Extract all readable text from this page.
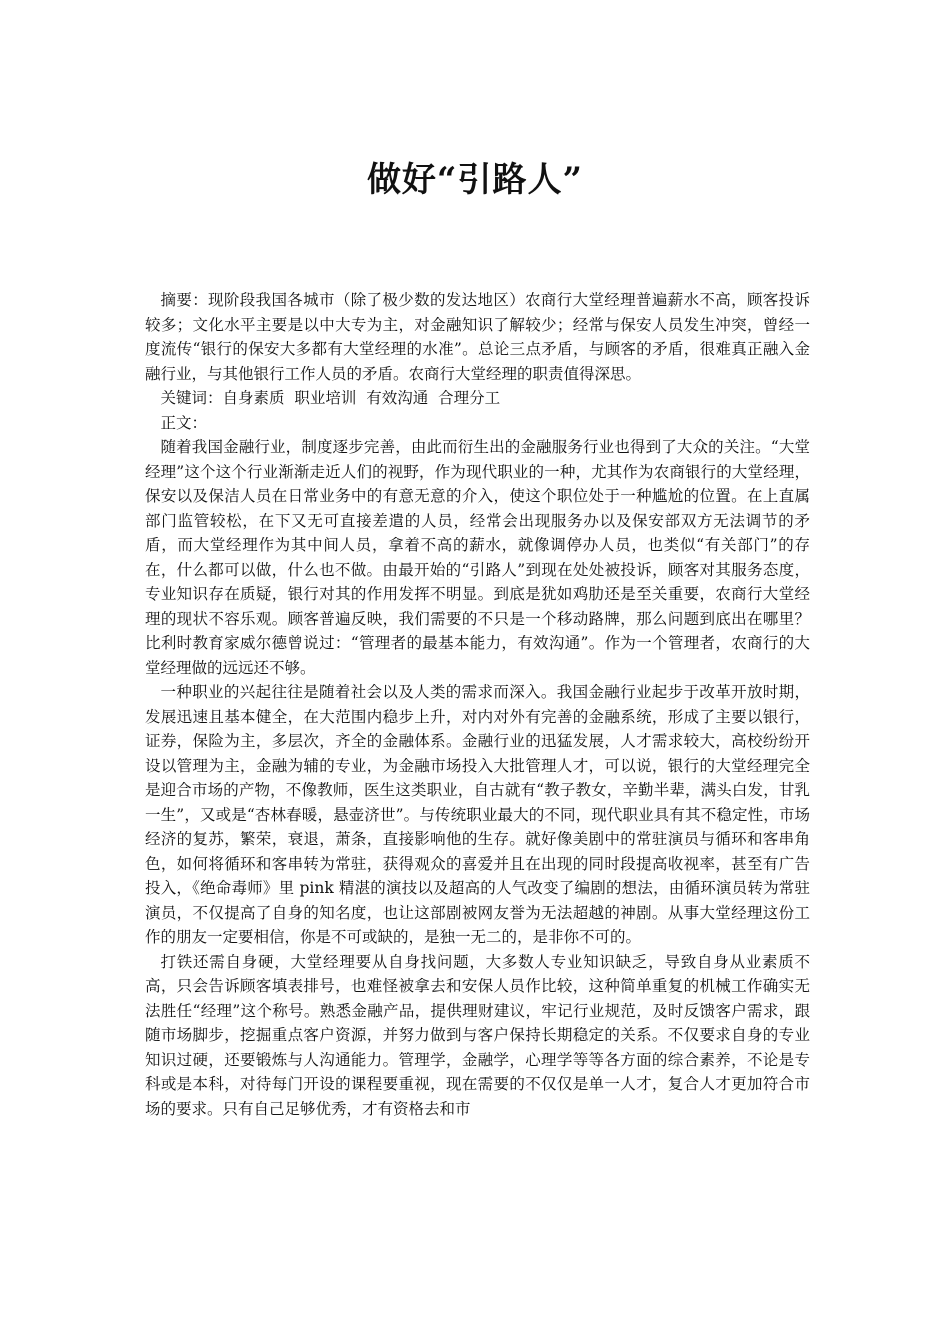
做好“引路人”

摘要：现阶段我国各城市（除了极少数的发达地区）农商行大堂经理普遍薪水不高，顾客投诉较多；文化水平主要是以中大专为主，对金融知识了解较少；经常与保安人员发生冲突，曾经一度流传“银行的保安大多都有大堂经理的水准”。总论三点矛盾，与顾客的矛盾，很难真正融入金融行业，与其他银行工作人员的矛盾。农商行大堂经理的职责值得深思。

关键词：自身素质  职业培训  有效沟通  合理分工

正文：

随着我国金融行业，制度逐步完善，由此而衍生出的金融服务行业也得到了大众的关注。“大堂经理”这个这个行业渐渐走近人们的视野，作为现代职业的一种，尤其作为农商银行的大堂经理，保安以及保洁人员在日常业务中的有意无意的介入，使这个职位处于一种尴尬的位置。在上直属部门监管较松，在下又无可直接差遣的人员，经常会出现服务办以及保安部双方无法调节的矛盾，而大堂经理作为其中间人员，拿着不高的薪水，就像调停办人员，也类似“有关部门”的存在，什么都可以做，什么也不做。由最开始的“引路人”到现在处处被投诉，顾客对其服务态度，专业知识存在质疑，银行对其的作用发挥不明显。到底是犹如鸡肋还是至关重要，农商行大堂经理的现状不容乐观。顾客普遍反映，我们需要的不只是一个移动路牌，那么问题到底出在哪里？比利时教育家威尔德曾说过：“管理者的最基本能力，有效沟通”。作为一个管理者，农商行的大堂经理做的远远还不够。

一种职业的兴起往往是随着社会以及人类的需求而深入。我国金融行业起步于改革开放时期，发展迅速且基本健全，在大范围内稳步上升，对内对外有完善的金融系统，形成了主要以银行，证券，保险为主，多层次，齐全的金融体系。金融行业的迅猛发展，人才需求较大，高校纷纷开设以管理为主，金融为辅的专业，为金融市场投入大批管理人才，可以说，银行的大堂经理完全是迎合市场的产物，不像教师，医生这类职业，自古就有“教子教女，辛勤半辈，满头白发，甘乳一生”，又或是“杏林春暖，悬壶济世”。与传统职业最大的不同，现代职业具有其不稳定性，市场经济的复苏，繁荣，衰退，萧条，直接影响他的生存。就好像美剧中的常驻演员与循环和客串角色，如何将循环和客串转为常驻，获得观众的喜爱并且在出现的同时段提高收视率，甚至有广告投入，《绝命毒师》里 pink 精湛的演技以及超高的人气改变了编剧的想法，由循环演员转为常驻演员，不仅提高了自身的知名度，也让这部剧被网友誉为无法超越的神剧。从事大堂经理这份工作的朋友一定要相信，你是不可或缺的，是独一无二的，是非你不可的。

打铁还需自身硬，大堂经理要从自身找问题，大多数人专业知识缺乏，导致自身从业素质不高，只会告诉顾客填表排号，也难怪被拿去和安保人员作比较，这种简单重复的机械工作确实无法胜任“经理”这个称号。熟悉金融产品，提供理财建议，牢记行业规范，及时反馈客户需求，跟随市场脚步，挖掘重点客户资源，并努力做到与客户保持长期稳定的关系。不仅要求自身的专业知识过硬，还要锻炼与人沟通能力。管理学，金融学，心理学等等各方面的综合素养，不论是专科或是本科，对待每门开设的课程要重视，现在需要的不仅仅是单一人才，复合人才更加符合市场的要求。只有自己足够优秀，才有资格去和市
